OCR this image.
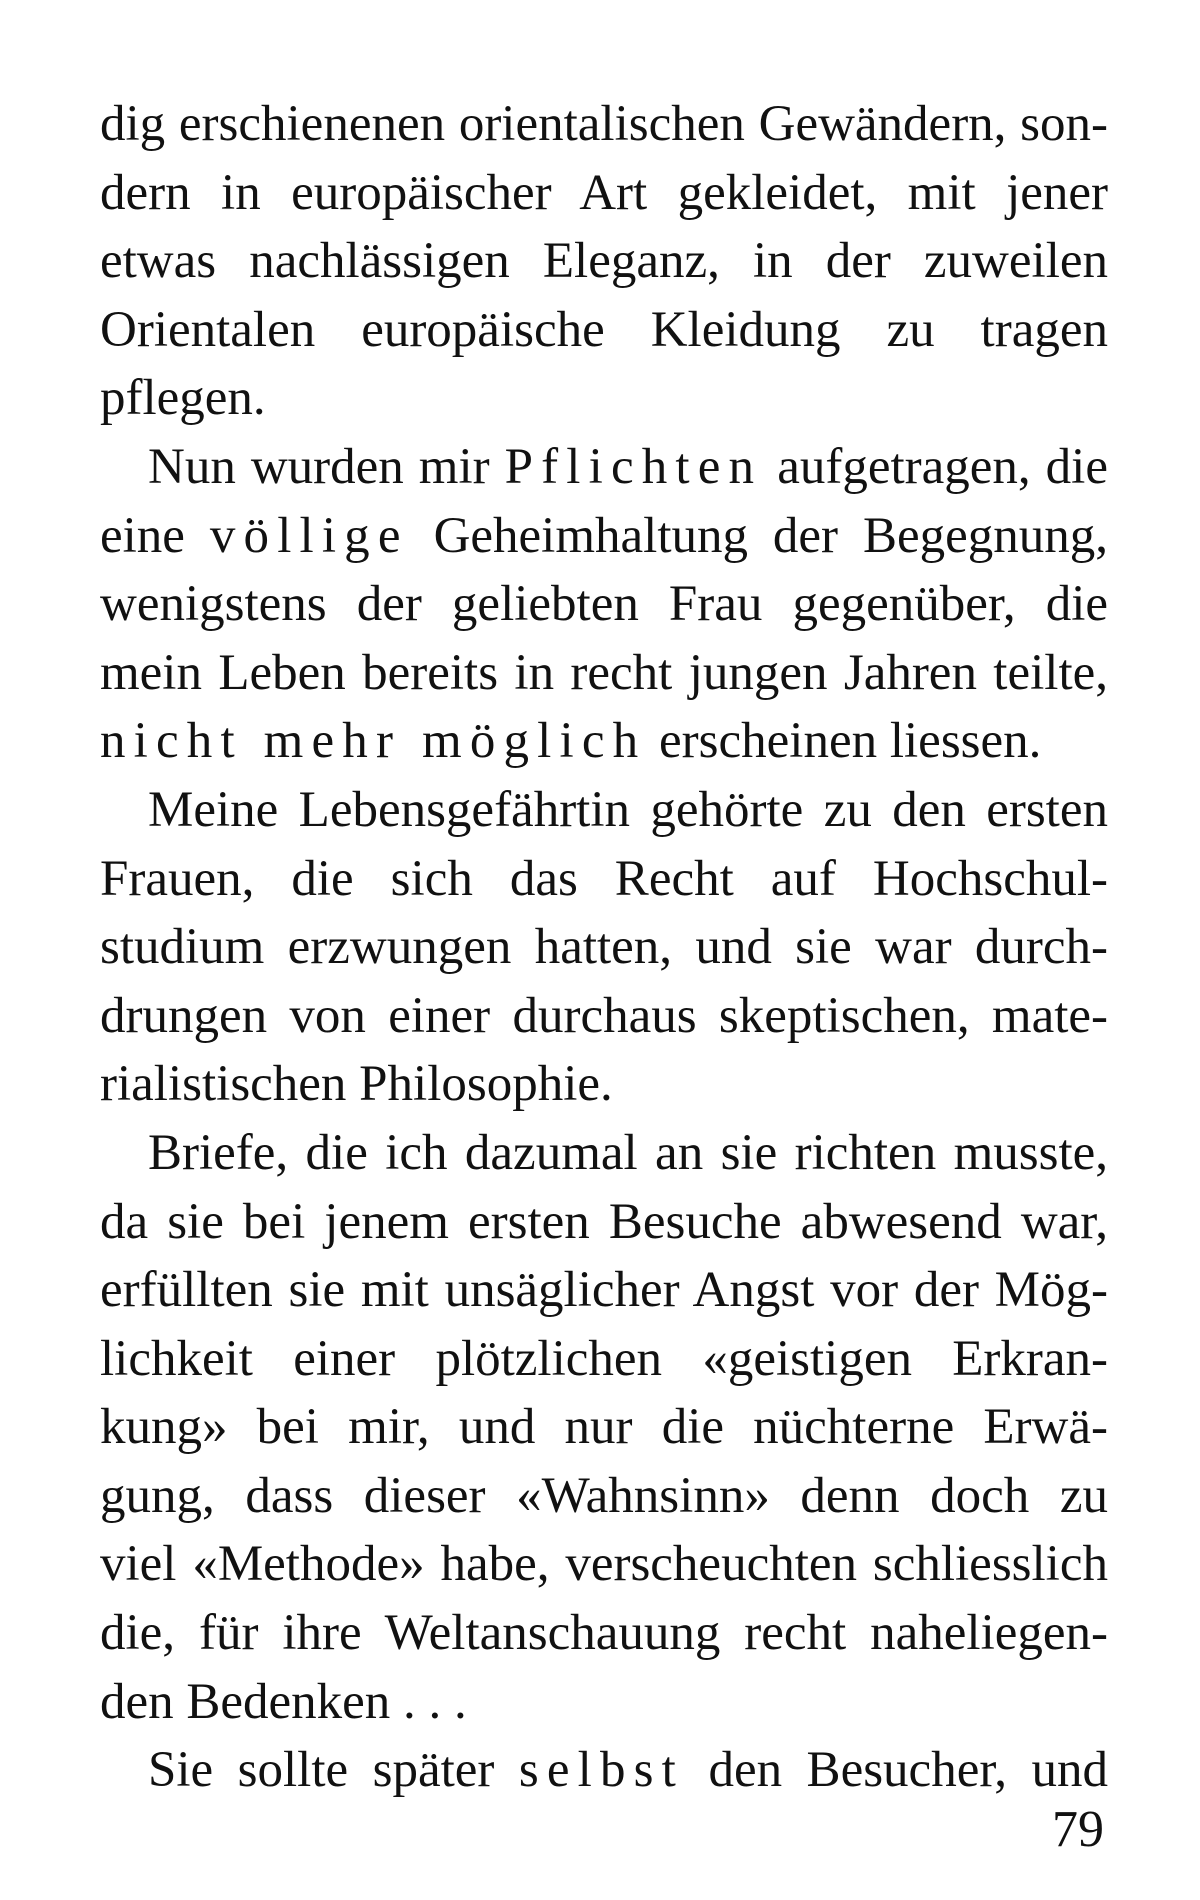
dig erschienenen orientalischen Gewändern, son-
dern in europäischer Art gekleidet, mit jener
etwas nachlässigen Eleganz, in der zuweilen
Orientalen europäische Kleidung zu tragen
pflegen.
Nun wurden mir Pflichten aufgetragen, die
eine völlige Geheimhaltung der Begegnung,
wenigstens der geliebten Frau gegenüber, die
mein Leben bereits in recht jungen Jahren teilte,
nicht mehr möglich erscheinen liessen.
Meine Lebensgefährtin gehörte zu den ersten
Frauen, die sich das Recht auf Hochschul-
studium erzwungen hatten, und sie war durch-
drungen von einer durchaus skeptischen, mate-
rialistischen Philosophie.
Briefe, die ich dazumal an sie richten musste,
da sie bei jenem ersten Besuche abwesend war,
erfüllten sie mit unsäglicher Angst vor der Mög-
lichkeit einer plötzlichen «geistigen Erkran-
kung» bei mir, und nur die nüchterne Erwä-
gung, dass dieser «Wahnsinn» denn doch zu
viel «Methode» habe, verscheuchten schliesslich
die, für ihre Weltanschauung recht naheliegen-
den Bedenken . . .
Sie sollte später selbst den Besucher, und
79
